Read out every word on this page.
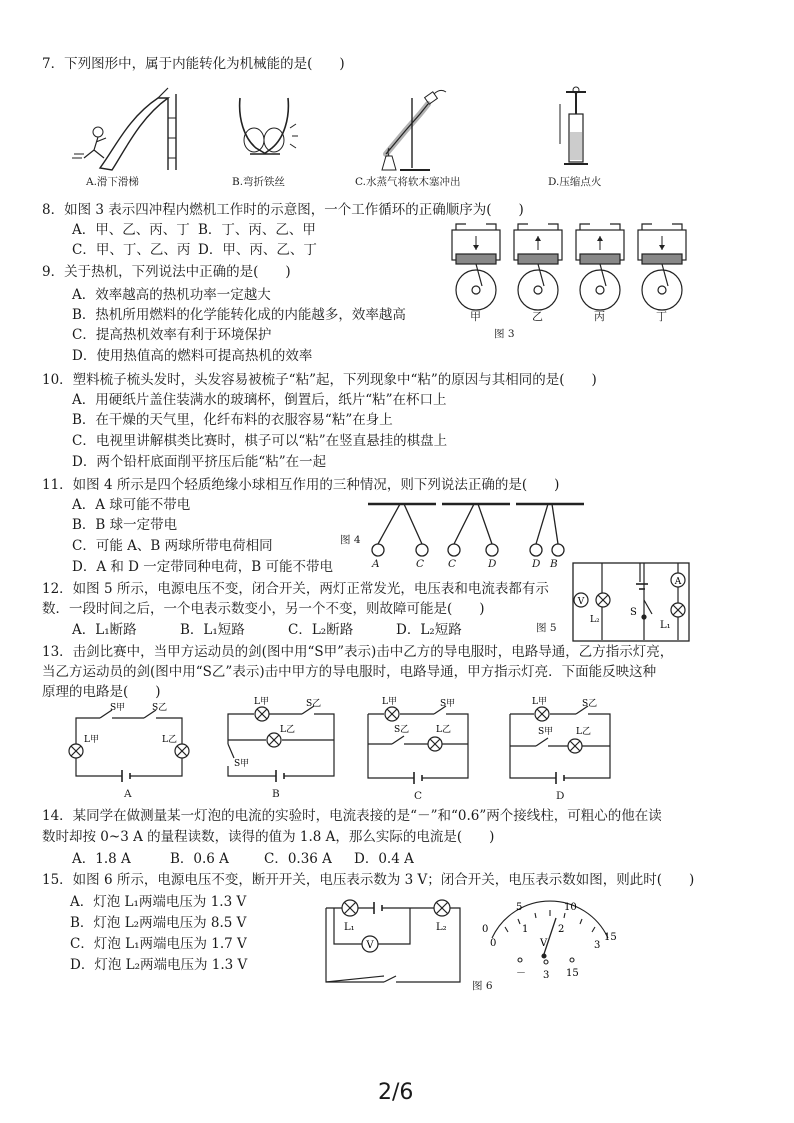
7．下列图形中，属于内能转化为机械能的是(　　)
A.滑下滑梯	B.弯折铁丝	C.水蒸气将软木塞冲出	D.压缩点火
8．如图 3 表示四冲程内燃机工作时的示意图，一个工作循环的正确顺序为(　　)
A．甲、乙、丙、丁 B．丁、丙、乙、甲
C．甲、丁、乙、丙 D．甲、丙、乙、丁
甲	乙	丙	丁
图 3
9．关于热机，下列说法中正确的是(　　)
A．效率越高的热机功率一定越大
B．热机所用燃料的化学能转化成的内能越多，效率越高
C．提高热机效率有利于环境保护
D．使用热值高的燃料可提高热机的效率
10．塑料梳子梳头发时，头发容易被梳子“粘”起，下列现象中“粘”的原因与其相同的是(　　)
A．用硬纸片盖住装满水的玻璃杯，倒置后，纸片“粘”在杯口上
B．在干燥的天气里，化纤布料的衣服容易“粘”在身上
C．电视里讲解棋类比赛时，棋子可以“粘”在竖直悬挂的棋盘上
D．两个铅杆底面削平挤压后能“粘”在一起
11．如图 4 所示是四个轻质绝缘小球相互作用的三种情况，则下列说法正确的是(　　)
A．A 球可能不带电
B．B 球一定带电
C．可能 A、B 两球所带电荷相同
D．A 和 D 一定带同种电荷，B 可能不带电
图 4
A	C C	D	D B
12．如图 5 所示，电源电压不变，闭合开关，两灯正常发光，电压表和电流表都有示
数．一段时间之后，一个电表示数变小，另一个不变，则故障可能是(　　)
A．L₁断路	B．L₁短路	C．L₂断路	D．L₂短路
V
A
S
L₁
L₂
图 5
13．击剑比赛中，当甲方运动员的剑(图中用“S甲”表示)击中乙方的导电服时，电路导通，乙方指示灯亮，
当乙方运动员的剑(图中用“S乙”表示)击中甲方的导电服时，电路导通，甲方指示灯亮．下面能反映这种
原理的电路是(　　)
S甲	S乙
L甲	L乙
A
L甲	S乙
L乙
S甲
B
L甲	S甲
S乙	L乙
C
L甲	S乙
S甲	L乙
D
14．某同学在做测量某一灯泡的电流的实验时，电流表接的是“－”和“0.6”两个接线柱，可粗心的他在读
数时却按 0~3 A 的量程读数，读得的值为 1.8 A，那么实际的电流是(　　)
A．1.8 A	B．0.6 A	C．0.36 A D．0.4 A
15．如图 6 所示，电源电压不变，断开开关，电压表示数为 3 V；闭合开关，电压表示数如图，则此时(　　)
A．灯泡 L₁两端电压为 1.3 V
B．灯泡 L₂两端电压为 8.5 V
C．灯泡 L₁两端电压为 1.7 V
D．灯泡 L₂两端电压为 1.3 V
V
L₁	L₂
5	10
0
15
0
1	2
3
V
－ 3 15
图 6
2/6
